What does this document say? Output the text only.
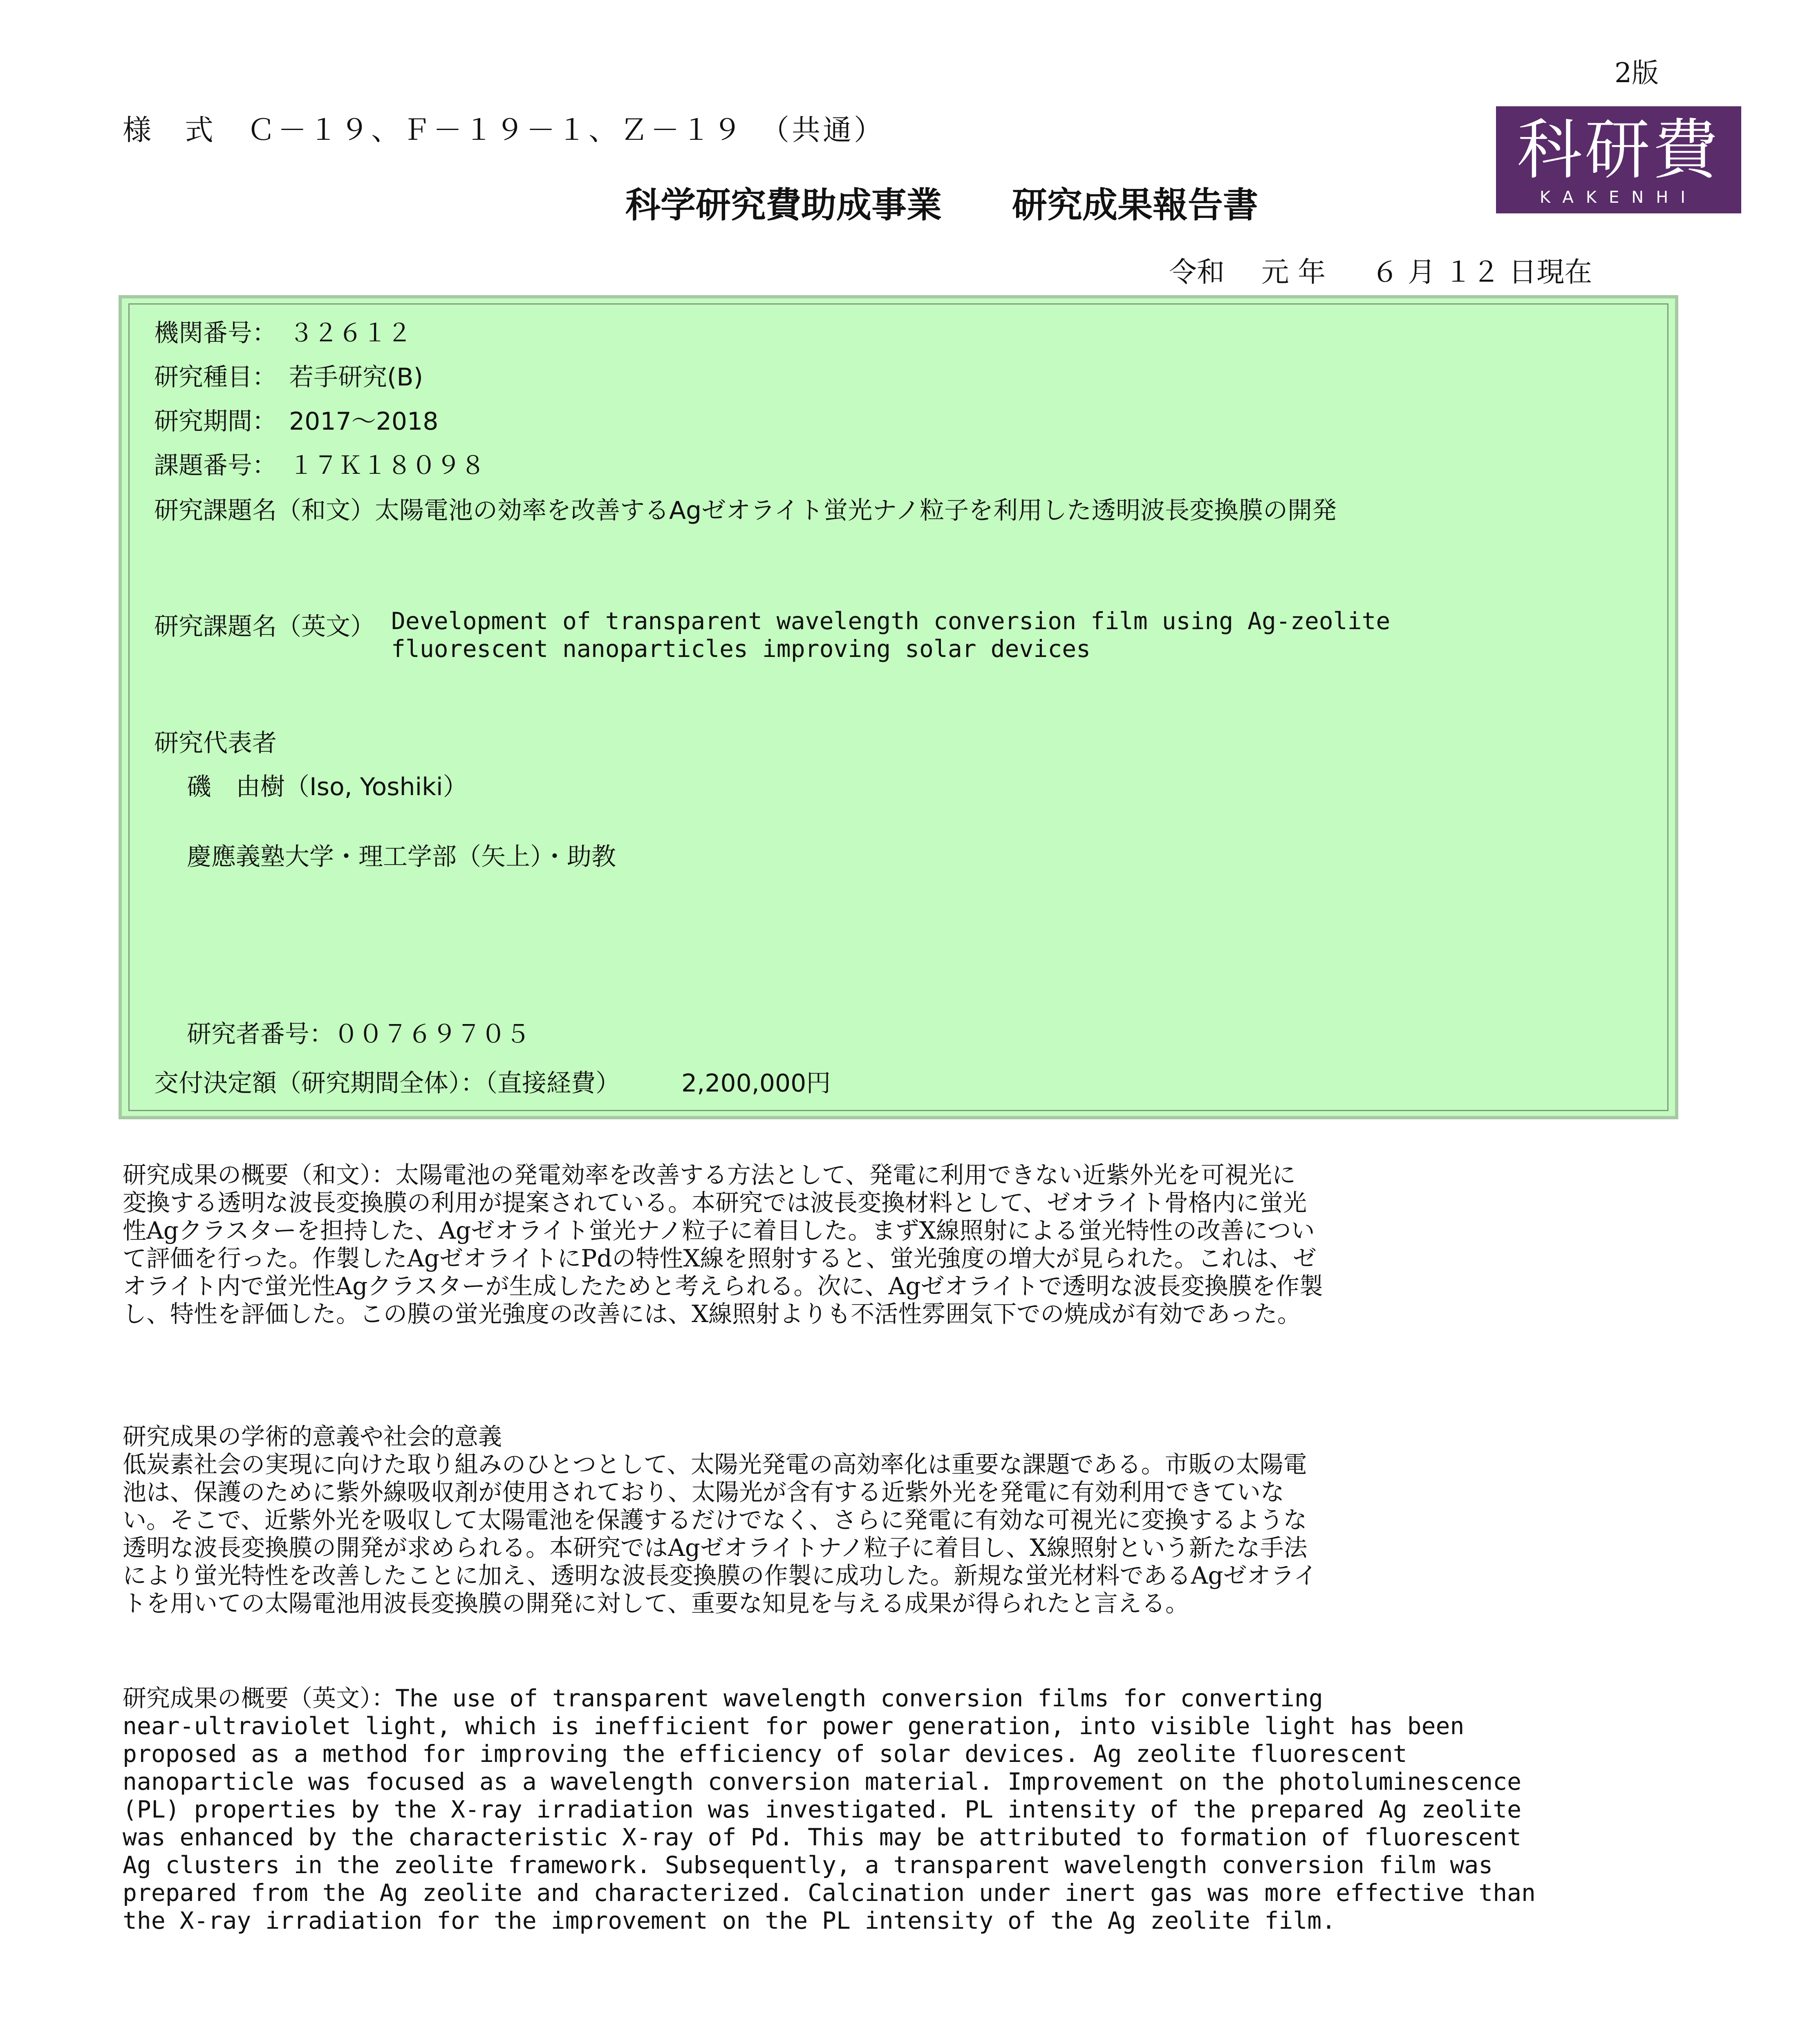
2版
様　式　Ｃ－１９、Ｆ－１９－１、Ｚ－１９　（共通）
科学研究費助成事業　　研究成果報告書
令和　 元 年 　 ６ 月 １２ 日現在
科研費
KAKENHI
機関番号：　３２６１２
研究種目：　若手研究(B)
研究期間：　2017～2018
課題番号：　１７Ｋ１８０９８
研究課題名（和文）太陽電池の効率を改善するAgゼオライト蛍光ナノ粒子を利用した透明波長変換膜の開発
研究課題名（英文） Development of transparent wavelength conversion film using Ag-zeolite
fluorescent nanoparticles improving solar devices
研究代表者
磯　由樹（Iso, Yoshiki）
慶應義塾大学・理工学部（矢上）・助教
研究者番号：００７６９７０５
交付決定額（研究期間全体）：（直接経費）　　　2,200,000円
研究成果の概要（和文）：太陽電池の発電効率を改善する方法として、発電に利用できない近紫外光を可視光に
変換する透明な波長変換膜の利用が提案されている。本研究では波長変換材料として、ゼオライト骨格内に蛍光
性Agクラスターを担持した、Agゼオライト蛍光ナノ粒子に着目した。まずX線照射による蛍光特性の改善につい
て評価を行った。作製したAgゼオライトにPdの特性X線を照射すると、蛍光強度の増大が見られた。これは、ゼ
オライト内で蛍光性Agクラスターが生成したためと考えられる。次に、Agゼオライトで透明な波長変換膜を作製
し、特性を評価した。この膜の蛍光強度の改善には、X線照射よりも不活性雰囲気下での焼成が有効であった。
研究成果の学術的意義や社会的意義
低炭素社会の実現に向けた取り組みのひとつとして、太陽光発電の高効率化は重要な課題である。市販の太陽電
池は、保護のために紫外線吸収剤が使用されており、太陽光が含有する近紫外光を発電に有効利用できていな
い。そこで、近紫外光を吸収して太陽電池を保護するだけでなく、さらに発電に有効な可視光に変換するような
透明な波長変換膜の開発が求められる。本研究ではAgゼオライトナノ粒子に着目し、X線照射という新たな手法
により蛍光特性を改善したことに加え、透明な波長変換膜の作製に成功した。新規な蛍光材料であるAgゼオライ
トを用いての太陽電池用波長変換膜の開発に対して、重要な知見を与える成果が得られたと言える。
研究成果の概要（英文）：The use of transparent wavelength conversion films for converting
near-ultraviolet light, which is inefficient for power generation, into visible light has been
proposed as a method for improving the efficiency of solar devices. Ag zeolite fluorescent
nanoparticle was focused as a wavelength conversion material. Improvement on the photoluminescence
(PL) properties by the X-ray irradiation was investigated. PL intensity of the prepared Ag zeolite
was enhanced by the characteristic X-ray of Pd. This may be attributed to formation of fluorescent
Ag clusters in the zeolite framework. Subsequently, a transparent wavelength conversion film was
prepared from the Ag zeolite and characterized. Calcination under inert gas was more effective than
the X-ray irradiation for the improvement on the PL intensity of the Ag zeolite film.
